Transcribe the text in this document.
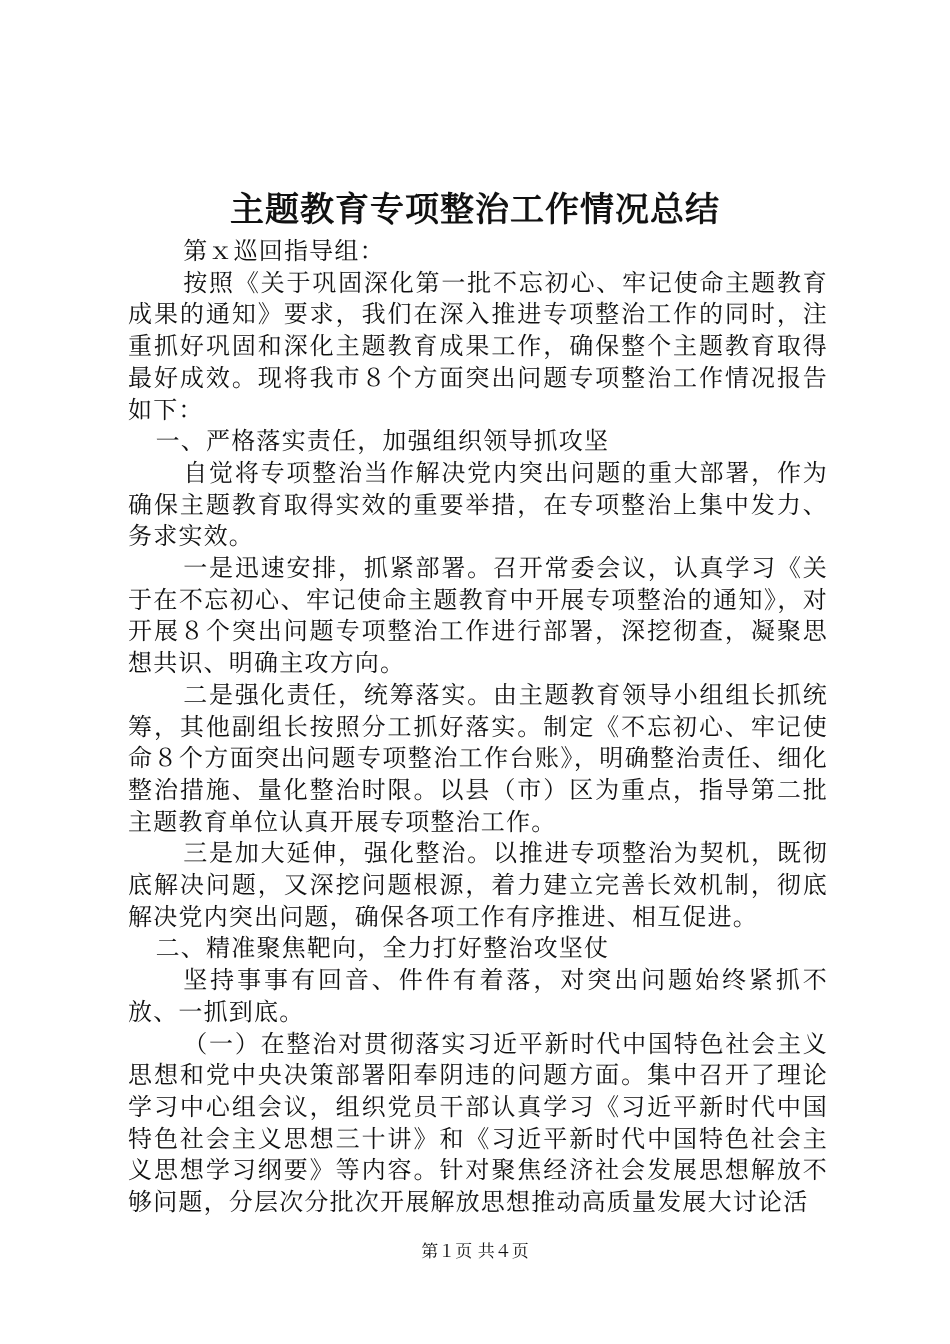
主题教育专项整治工作情况总结

第ｘ巡回指导组：

按照《关于巩固深化第一批不忘初心、牢记使命主题教育成果的通知》要求，我们在深入推进专项整治工作的同时，注重抓好巩固和深化主题教育成果工作，确保整个主题教育取得最好成效。现将我市８个方面突出问题专项整治工作情况报告如下：

一、严格落实责任，加强组织领导抓攻坚

自觉将专项整治当作解决党内突出问题的重大部署，作为确保主题教育取得实效的重要举措，在专项整治上集中发力、务求实效。

一是迅速安排，抓紧部署。召开常委会议，认真学习《关于在不忘初心、牢记使命主题教育中开展专项整治的通知》，对开展８个突出问题专项整治工作进行部署，深挖彻查，凝聚思想共识、明确主攻方向。

二是强化责任，统筹落实。由主题教育领导小组组长抓统筹，其他副组长按照分工抓好落实。制定《不忘初心、牢记使命８个方面突出问题专项整治工作台账》，明确整治责任、细化整治措施、量化整治时限。以县（市）区为重点，指导第二批主题教育单位认真开展专项整治工作。

三是加大延伸，强化整治。以推进专项整治为契机，既彻底解决问题，又深挖问题根源，着力建立完善长效机制，彻底解决党内突出问题，确保各项工作有序推进、相互促进。

二、精准聚焦靶向，全力打好整治攻坚仗

坚持事事有回音、件件有着落，对突出问题始终紧抓不放、一抓到底。

（一）在整治对贯彻落实习近平新时代中国特色社会主义思想和党中央决策部署阳奉阴违的问题方面。集中召开了理论学习中心组会议，组织党员干部认真学习《习近平新时代中国特色社会主义思想三十讲》和《习近平新时代中国特色社会主义思想学习纲要》等内容。针对聚焦经济社会发展思想解放不够问题，分层次分批次开展解放思想推动高质量发展大讨论活

第１页 共４页
